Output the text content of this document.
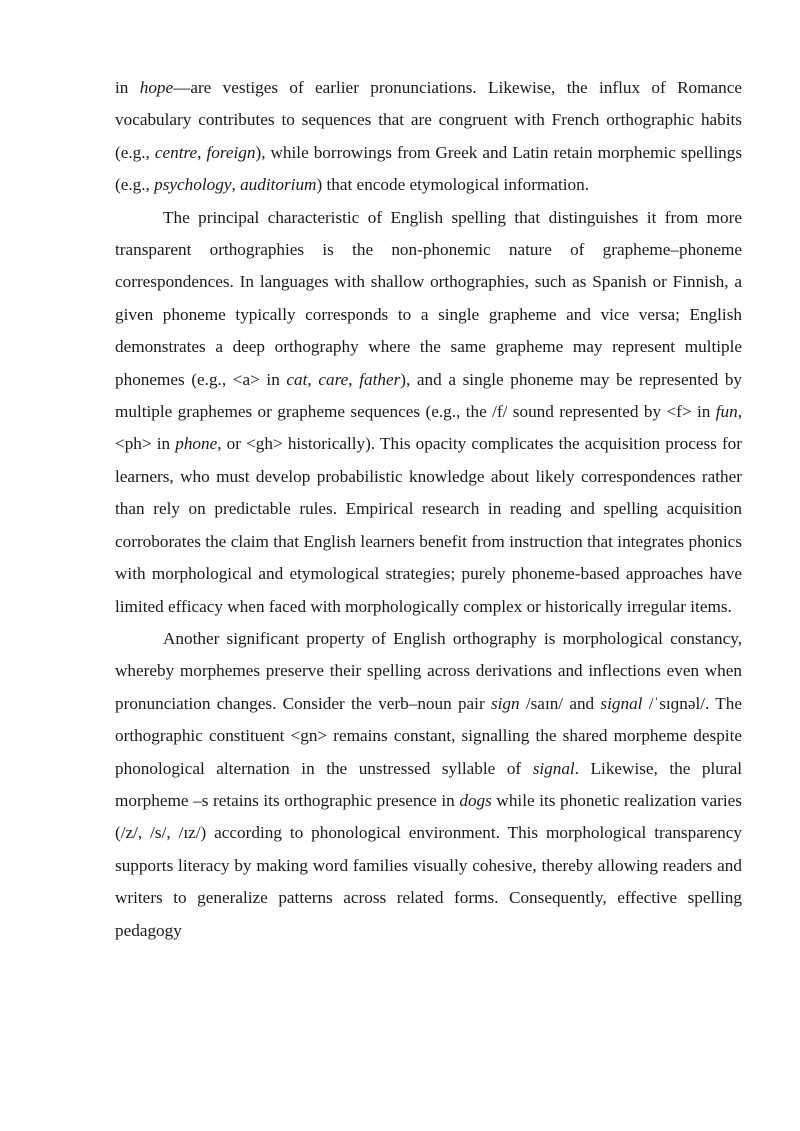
in hope—are vestiges of earlier pronunciations. Likewise, the influx of Romance vocabulary contributes to sequences that are congruent with French orthographic habits (e.g., centre, foreign), while borrowings from Greek and Latin retain morphemic spellings (e.g., psychology, auditorium) that encode etymological information.

The principal characteristic of English spelling that distinguishes it from more transparent orthographies is the non-phonemic nature of grapheme–phoneme correspondences. In languages with shallow orthographies, such as Spanish or Finnish, a given phoneme typically corresponds to a single grapheme and vice versa; English demonstrates a deep orthography where the same grapheme may represent multiple phonemes (e.g., <a> in cat, care, father), and a single phoneme may be represented by multiple graphemes or grapheme sequences (e.g., the /f/ sound represented by <f> in fun, <ph> in phone, or <gh> historically). This opacity complicates the acquisition process for learners, who must develop probabilistic knowledge about likely correspondences rather than rely on predictable rules. Empirical research in reading and spelling acquisition corroborates the claim that English learners benefit from instruction that integrates phonics with morphological and etymological strategies; purely phoneme-based approaches have limited efficacy when faced with morphologically complex or historically irregular items.

Another significant property of English orthography is morphological constancy, whereby morphemes preserve their spelling across derivations and inflections even when pronunciation changes. Consider the verb–noun pair sign /saɪn/ and signal /ˈsɪɡnəl/. The orthographic constituent <gn> remains constant, signalling the shared morpheme despite phonological alternation in the unstressed syllable of signal. Likewise, the plural morpheme –s retains its orthographic presence in dogs while its phonetic realization varies (/z/, /s/, /ɪz/) according to phonological environment. This morphological transparency supports literacy by making word families visually cohesive, thereby allowing readers and writers to generalize patterns across related forms. Consequently, effective spelling pedagogy
